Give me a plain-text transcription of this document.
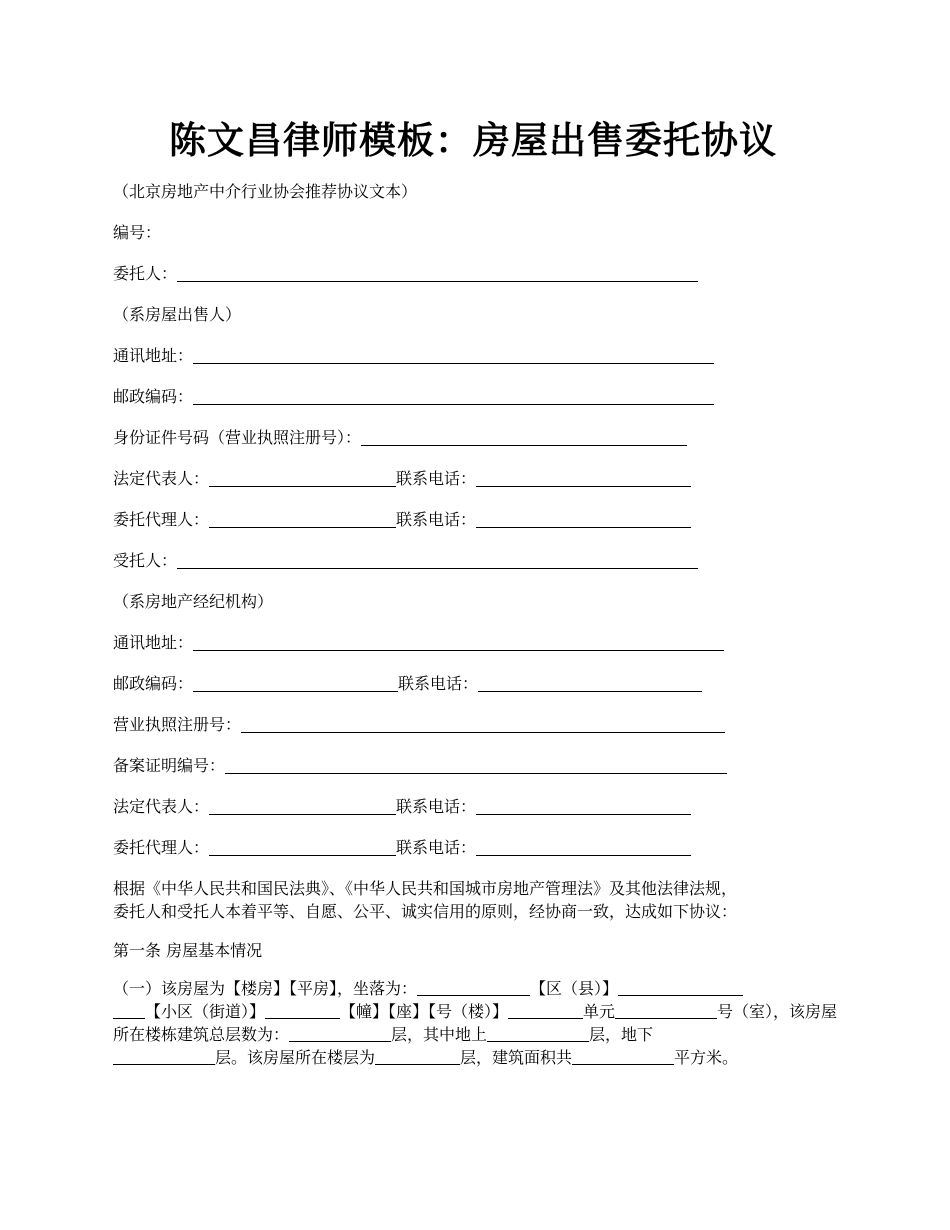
陈文昌律师模板：房屋出售委托协议
（北京房地产中介行业协会推荐协议文本）
编号：
委托人：
（系房屋出售人）
通讯地址：
邮政编码：
身份证件号码（营业执照注册号）：
法定代表人：	联系电话：
委托代理人：	联系电话：
受托人：
（系房地产经纪机构）
通讯地址：
邮政编码：	联系电话：
营业执照注册号：
备案证明编号：
法定代表人：	联系电话：
委托代理人：	联系电话：
根据《中华人民共和国民法典》、《中华人民共和国城市房地产管理法》及其他法律法规，
委托人和受托人本着平等、自愿、公平、诚实信用的原则，经协商一致，达成如下协议：
第一条 房屋基本情况
（一）该房屋为【楼房】【平房】，坐落为：	【区（县）】
【小区（街道）】	【幢】【座】【号（楼）】	单元	号（室），该房屋所在楼栋建筑总层数为：	层，其中地上	层，地下
层。该房屋所在楼层为	层，建筑面积共	平方米。
